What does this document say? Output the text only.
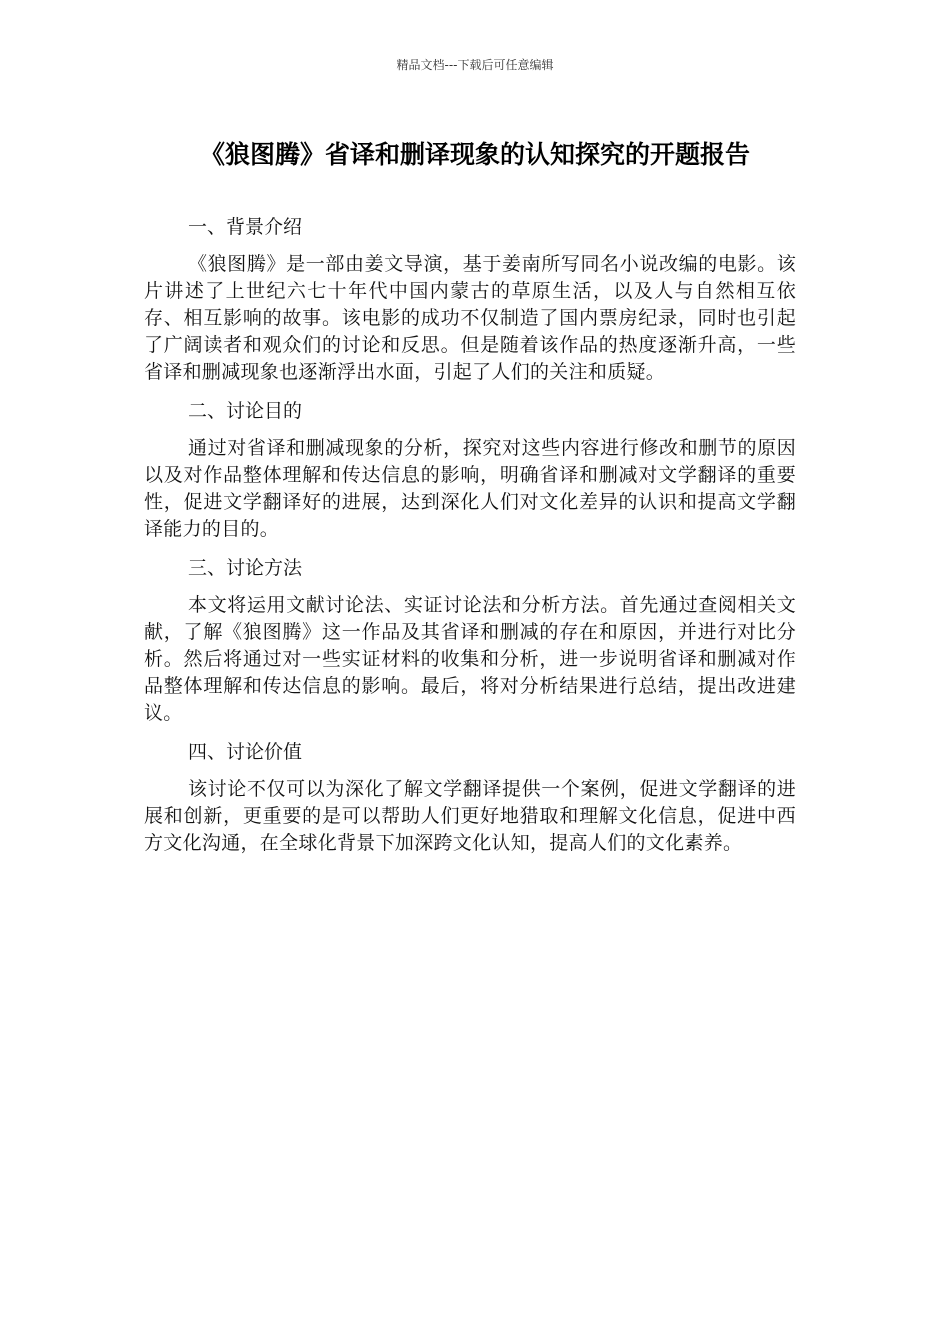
精品文档---下载后可任意编辑
《狼图腾》省译和删译现象的认知探究的开题报告

一、背景介绍

《狼图腾》是一部由姜文导演，基于姜南所写同名小说改编的电影。该片讲述了上世纪六七十年代中国内蒙古的草原生活，以及人与自然相互依存、相互影响的故事。该电影的成功不仅制造了国内票房纪录，同时也引起了广阔读者和观众们的讨论和反思。但是随着该作品的热度逐渐升高，一些省译和删减现象也逐渐浮出水面，引起了人们的关注和质疑。

二、讨论目的

通过对省译和删减现象的分析，探究对这些内容进行修改和删节的原因以及对作品整体理解和传达信息的影响，明确省译和删减对文学翻译的重要性，促进文学翻译好的进展，达到深化人们对文化差异的认识和提高文学翻译能力的目的。

三、讨论方法

本文将运用文献讨论法、实证讨论法和分析方法。首先通过查阅相关文献，了解《狼图腾》这一作品及其省译和删减的存在和原因，并进行对比分析。然后将通过对一些实证材料的收集和分析，进一步说明省译和删减对作品整体理解和传达信息的影响。最后，将对分析结果进行总结，提出改进建议。

四、讨论价值

该讨论不仅可以为深化了解文学翻译提供一个案例，促进文学翻译的进展和创新，更重要的是可以帮助人们更好地猎取和理解文化信息，促进中西方文化沟通，在全球化背景下加深跨文化认知，提高人们的文化素养。
